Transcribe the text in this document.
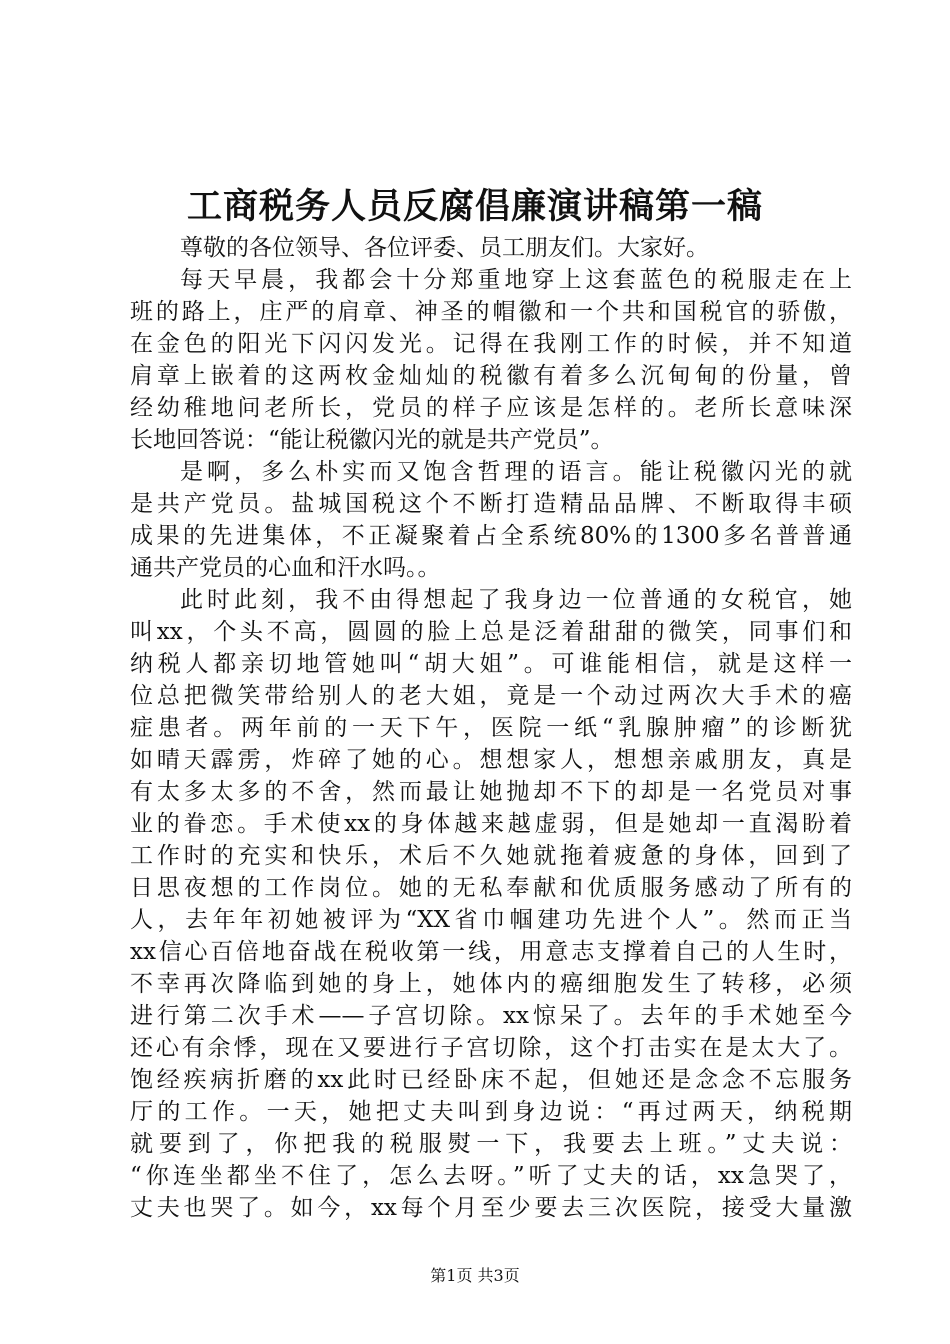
工商税务人员反腐倡廉演讲稿第一稿
尊敬的各位领导、各位评委、员工朋友们。大家好。
每天早晨，我都会十分郑重地穿上这套蓝色的税服走在上
班的路上，庄严的肩章、神圣的帽徽和一个共和国税官的骄傲，
在金色的阳光下闪闪发光。记得在我刚工作的时候，并不知道
肩章上嵌着的这两枚金灿灿的税徽有着多么沉甸甸的份量，曾
经幼稚地问老所长，党员的样子应该是怎样的。老所长意味深
长地回答说：“能让税徽闪光的就是共产党员”。
是啊，多么朴实而又饱含哲理的语言。能让税徽闪光的就
是共产党员。盐城国税这个不断打造精品品牌、不断取得丰硕
成果的先进集体，不正凝聚着占全系统80%的1300多名普普通
通共产党员的心血和汗水吗。。
此时此刻，我不由得想起了我身边一位普通的女税官，她
叫xx，个头不高，圆圆的脸上总是泛着甜甜的微笑，同事们和
纳税人都亲切地管她叫“胡大姐”。可谁能相信，就是这样一
位总把微笑带给别人的老大姐，竟是一个动过两次大手术的癌
症患者。两年前的一天下午，医院一纸“乳腺肿瘤”的诊断犹
如晴天霹雳，炸碎了她的心。想想家人，想想亲戚朋友，真是
有太多太多的不舍，然而最让她抛却不下的却是一名党员对事
业的眷恋。手术使xx的身体越来越虚弱，但是她却一直渴盼着
工作时的充实和快乐，术后不久她就拖着疲惫的身体，回到了
日思夜想的工作岗位。她的无私奉献和优质服务感动了所有的
人，去年年初她被评为“XX省巾帼建功先进个人”。然而正当
xx信心百倍地奋战在税收第一线，用意志支撑着自己的人生时，
不幸再次降临到她的身上，她体内的癌细胞发生了转移，必须
进行第二次手术——子宫切除。xx惊呆了。去年的手术她至今
还心有余悸，现在又要进行子宫切除，这个打击实在是太大了。
饱经疾病折磨的xx此时已经卧床不起，但她还是念念不忘服务
厅的工作。一天，她把丈夫叫到身边说：“再过两天，纳税期
就要到了，你把我的税服熨一下，我要去上班。”丈夫说：
“你连坐都坐不住了，怎么去呀。”听了丈夫的话，xx急哭了，
丈夫也哭了。如今，xx每个月至少要去三次医院，接受大量激
第1页 共3页
